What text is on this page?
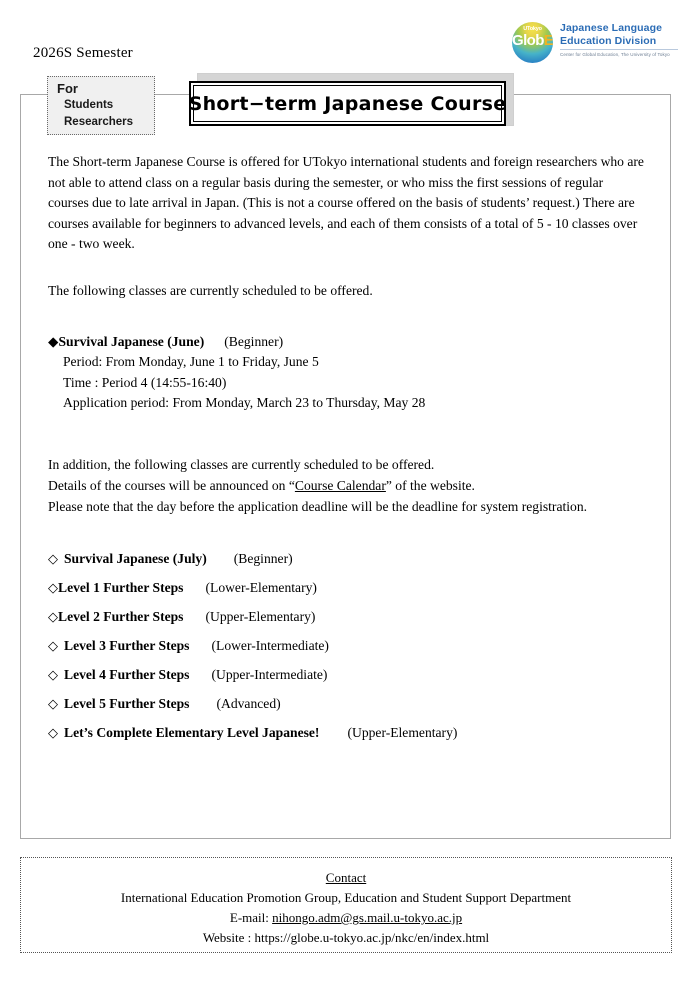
2026S Semester
UTokyo
GlobE
Japanese Language
Education Division
Center for Global Education, The University of Tokyo
For
Students
Researchers
Short−term Japanese Course

The Short-term Japanese Course is offered for UTokyo international students and foreign researchers who are not able to attend class on a regular basis during the semester, or who miss the first sessions of regular courses due to late arrival in Japan. (This is not a course offered on the basis of students’ request.) There are courses available for beginners to advanced levels, and each of them consists of a total of 5 - 10 classes over one - two week.

The following classes are currently scheduled to be offered.

◆Survival Japanese (June) (Beginner)
Period: From Monday, June 1 to Friday, June 5
Time : Period 4 (14:55-16:40)
Application period: From Monday, March 23 to Thursday, May 28

In addition, the following classes are currently scheduled to be offered.

Details of the courses will be announced on “Course Calendar” of the website.

Please note that the day before the application deadline will be the deadline for system registration.

◇ Survival Japanese (July) (Beginner)
◇Level 1 Further Steps (Lower-Elementary)
◇Level 2 Further Steps (Upper-Elementary)
◇ Level 3 Further Steps (Lower-Intermediate)
◇ Level 4 Further Steps (Upper-Intermediate)
◇ Level 5 Further Steps (Advanced)
◇ Let’s Complete Elementary Level Japanese! (Upper-Elementary)
Contact
International Education Promotion Group, Education and Student Support Department
E-mail: nihongo.adm@gs.mail.u-tokyo.ac.jp
Website : https://globe.u-tokyo.ac.jp/nkc/en/index.html
